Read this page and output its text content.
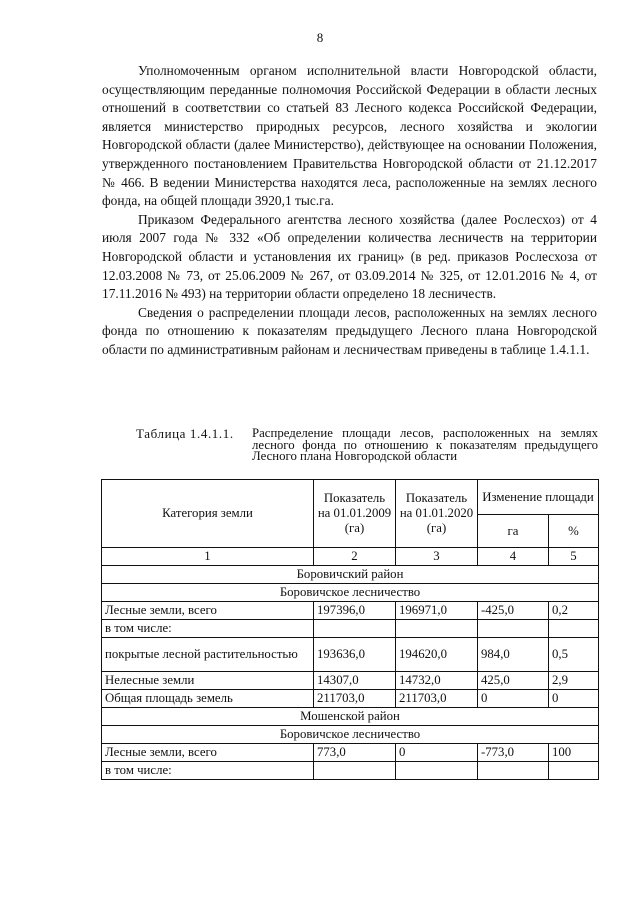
8

Уполномоченным органом исполнительной власти Новгородской области, осуществляющим переданные полномочия Российской Федерации в области лесных отношений в соответствии со статьей 83 Лесного кодекса Российской Федерации, является министерство природных ресурсов, лесного хозяйства и экологии Новгородской области (далее Министерство), действующее на основании Положения, утвержденного постановлением Правительства Новгородской области от 21.12.2017 № 466. В ведении Министерства находятся леса, расположенные на землях лесного фонда, на общей площади 3920,1 тыс.га.

Приказом Федерального агентства лесного хозяйства (далее Рослесхоз) от 4 июля 2007 года № 332 «Об определении количества лесничеств на территории Новгородской области и установления их границ» (в ред. приказов Рослесхоза от 12.03.2008 № 73, от 25.06.2009 № 267, от 03.09.2014 № 325, от 12.01.2016 № 4, от 17.11.2016 № 493) на территории области определено 18 лесничеств.

Сведения о распределении площади лесов, расположенных на землях лесного фонда по отношению к показателям предыдущего Лесного плана Новгородской области по административным районам и лесничествам приведены в таблице 1.4.1.1.

Таблица 1.4.1.1.	Распределение площади лесов, расположенных на землях лесного фонда по отношению к показателям предыдущего Лесного плана Новгородской области
Категория земли	Показатель на 01.01.2009 (га)	Показатель на 01.01.2020 (га)	Изменение площади	
			га	%
1	2	3	4	5
Боровичский район				
Боровичское лесничество				
Лесные земли, всего	197396,0	196971,0	-425,0	0,2
в том числе:				
покрытые лесной растительностью	193636,0	194620,0	984,0	0,5
Нелесные земли	14307,0	14732,0	425,0	2,9
Общая площадь земель	211703,0	211703,0	0	0
Мошенской район				
Боровичское лесничество				
Лесные земли, всего	773,0	0	-773,0	100
в том числе:				
